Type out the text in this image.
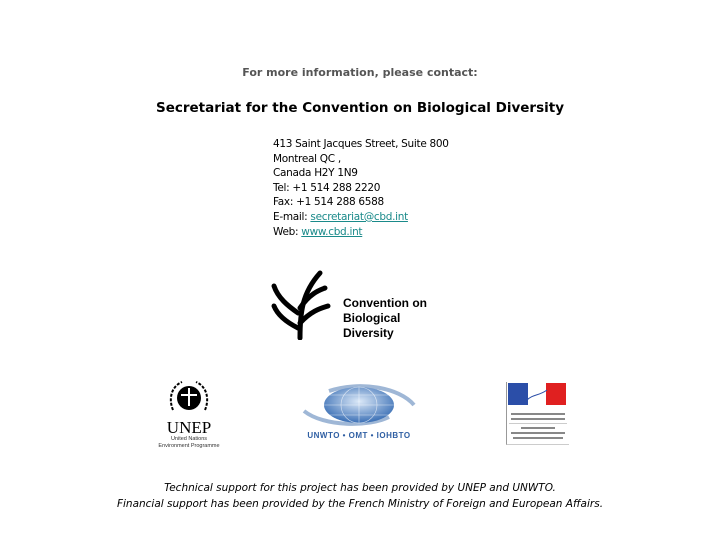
For more information, please contact:
Secretariat for the Convention on Biological Diversity
413 Saint Jacques Street, Suite 800
Montreal QC ,
Canada H2Y 1N9
Tel: +1 514 288 2220
Fax: +1 514 288 6588
E-mail: secretariat@cbd.int
Web: www.cbd.int
Convention on
Biological Diversity
UNEP
United Nations
Environment Programme
UNWTO • OMT • IOHBTO
Technical support for this project has been provided by UNEP and UNWTO.
Financial support has been provided by the French Ministry of Foreign and European Affairs.
